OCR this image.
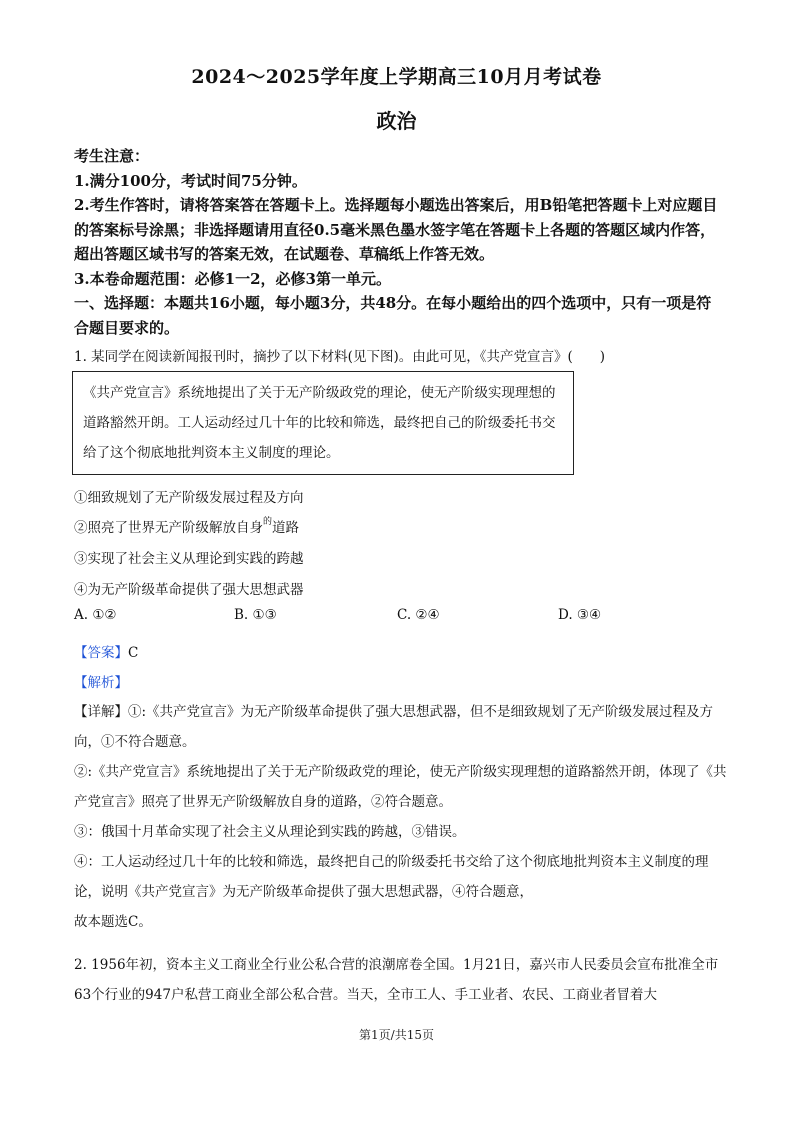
2024～2025学年度上学期高三10月月考试卷
政治

考生注意：

1.满分100分，考试时间75分钟。

2.考生作答时，请将答案答在答题卡上。选择题每小题选出答案后，用B铅笔把答题卡上对应题目的答案标号涂黑；非选择题请用直径0.5毫米黑色墨水签字笔在答题卡上各题的答题区域内作答，超出答题区域书写的答案无效，在试题卷、草稿纸上作答无效。

3.本卷命题范围：必修1一2，必修3第一单元。

一、选择题：本题共16小题，每小题3分，共48分。在每小题给出的四个选项中，只有一项是符合题目要求的。

1. 某同学在阅读新闻报刊时，摘抄了以下材料(见下图)。由此可见，《共产党宣言》(　　)
《共产党宣言》系统地提出了关于无产阶级政党的理论，使无产阶级实现理想的道路豁然开朗。工人运动经过几十年的比较和筛选，最终把自己的阶级委托书交给了这个彻底地批判资本主义制度的理论。
①细致规划了无产阶级发展过程及方向
②照亮了世界无产阶级解放自身$^的$道路
③实现了社会主义从理论到实践的跨越
④为无产阶级革命提供了强大思想武器
A. ①②	B. ①③	C. ②④	D. ③④
【答案】C
【解析】

【详解】①:《共产党宣言》为无产阶级革命提供了强大思想武器，但不是细致规划了无产阶级发展过程及方向，①不符合题意。

②:《共产党宣言》系统地提出了关于无产阶级政党的理论，使无产阶级实现理想的道路豁然开朗，体现了《共产党宣言》照亮了世界无产阶级解放自身的道路，②符合题意。

③：俄国十月革命实现了社会主义从理论到实践的跨越，③错误。

④：工人运动经过几十年的比较和筛选，最终把自己的阶级委托书交给了这个彻底地批判资本主义制度的理论，说明《共产党宣言》为无产阶级革命提供了强大思想武器，④符合题意，

故本题选C。

2. 1956年初，资本主义工商业全行业公私合营的浪潮席卷全国。1月21日，嘉兴市人民委员会宣布批准全市63个行业的947户私营工商业全部公私合营。当天，全市工人、手工业者、农民、工商业者冒着大

第1页/共15页
